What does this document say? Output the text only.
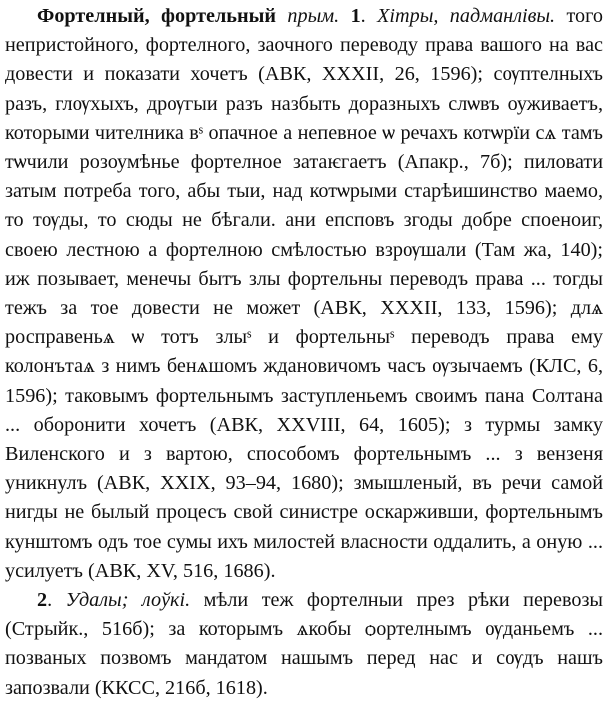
Фортелный, фортельный прым. 1. Хітры, падманлівы. того непристойного, фортелного, заочного переводу права вашого на вас довести и показати хочетъ (АВК, XXXII, 26, 1596); сѹптелныхъ разъ, глѹхыхъ, дрѹгыи разъ назбыть доразныхъ слѡвъ оуживаетъ, которыми чителника вˢ опачное а непевное ѡ речахъ котѡрїи сѧ тамъ тѡчили розоумѣнье фортелное затаѥгаетъ (Апакр., 7б); пиловати затым потреба того, абы тыи, над котѡрыми старѣишинство маемо, то тѹды, то сюды не бѣгали. ани епсповъ згоды добре споеноиг, своею лестною а фортелною смѣлостью взрѹшали (Там жа, 140); иж позывает, менечы бытъ злы фортельны переводъ права ... тогды тежъ за тое довести не может (АВК, XXXII, 133, 1596); длѧ росправеньѧ ѡ тотъ злыˢ и фортельныˢ переводъ права ему колонътаѧ з нимъ бенѧшомъ ждановичомъ часъ ѹзычаемъ (КЛС, 6, 1596); таковымъ фортельнымъ заступленьемъ своимъ пана Солтана ... оборонити хочетъ (АВК, XXVIII, 64, 1605); з турмы замку Виленского и з вартою, способомъ фортельнымъ ... з вензеня уникнулъ (АВК, XXIX, 93–94, 1680); змышленый, въ речи самой нигды не былый процесъ свой синистре оскарживши, фортельнымъ кунштомъ одъ тое сумы ихъ милостей власности оддалить, а оную ... усилуетъ (АВК, XV, 516, 1686).

2. Удалы; лоўкі. мѣли теж фортелныи през рѣки перевозы (Стрыйк., 516б); за которымъ ѧкобы ѻортелнымъ ѹданьемъ ... позваных позвомъ мандатом нашымъ перед нас и сѹдъ нашъ запозвали (ККСС, 216б, 1618).
